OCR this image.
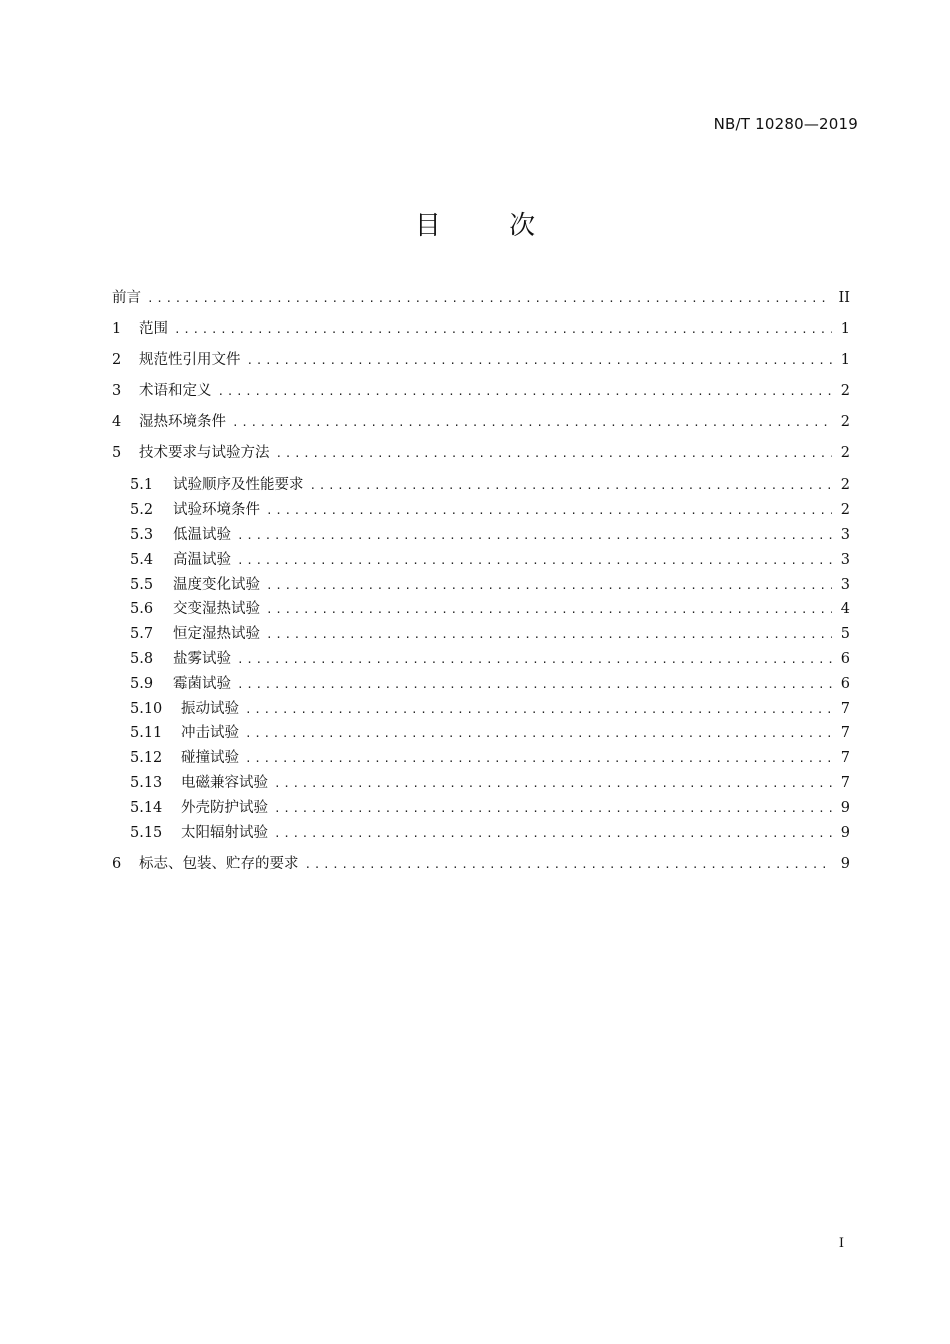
NB/T 10280—2019
目 次
前言 .....	II
1	范围 .....	1
2	规范性引用文件 .....	1
3	术语和定义 .....	2
4	湿热环境条件 .....	2
5	技术要求与试验方法 .....	2
5.1	试验顺序及性能要求 .....	2
5.2	试验环境条件 .....	2
5.3	低温试验 .....	3
5.4	高温试验 .....	3
5.5	温度变化试验 .....	3
5.6	交变湿热试验 .....	4
5.7	恒定湿热试验 .....	5
5.8	盐雾试验 .....	6
5.9	霉菌试验 .....	6
5.10	振动试验 .....	7
5.11	冲击试验 .....	7
5.12	碰撞试验 .....	7
5.13	电磁兼容试验 .....	7
5.14	外壳防护试验 .....	9
5.15	太阳辐射试验 .....	9
6	标志、包装、贮存的要求 .....	9
I
